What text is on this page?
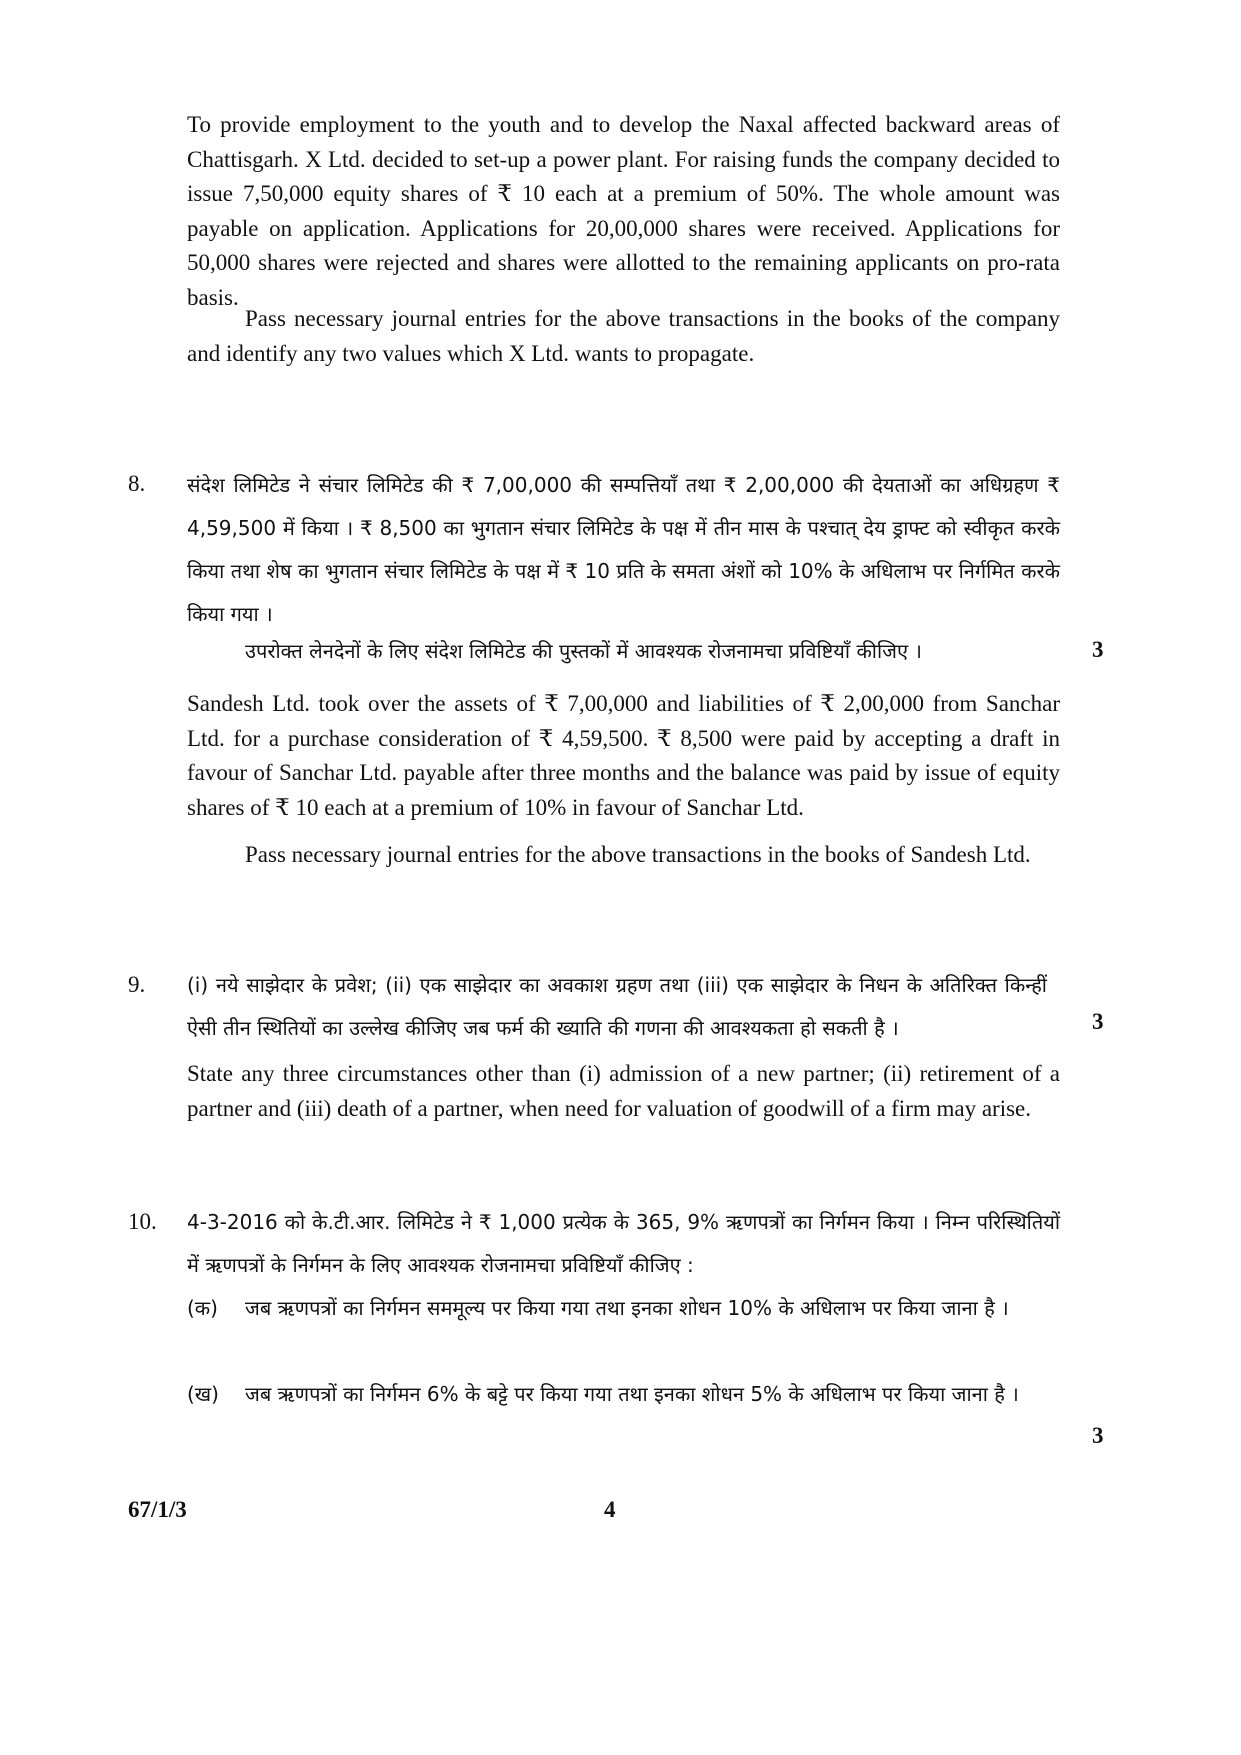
To provide employment to the youth and to develop the Naxal affected backward areas of Chattisgarh. X Ltd. decided to set-up a power plant. For raising funds the company decided to issue 7,50,000 equity shares of ₹ 10 each at a premium of 50%. The whole amount was payable on application. Applications for 20,00,000 shares were received. Applications for 50,000 shares were rejected and shares were allotted to the remaining applicants on pro-rata basis.

Pass necessary journal entries for the above transactions in the books of the company and identify any two values which X Ltd. wants to propagate.

8. संदेश लिमिटेड ने संचार लिमिटेड की ₹ 7,00,000 की सम्पत्तियाँ तथा ₹ 2,00,000 की देयताओं का अधिग्रहण ₹ 4,59,500 में किया । ₹ 8,500 का भुगतान संचार लिमिटेड के पक्ष में तीन मास के पश्चात् देय ड्राफ्ट को स्वीकृत करके किया तथा शेष का भुगतान संचार लिमिटेड के पक्ष में ₹ 10 प्रति के समता अंशों को 10% के अधिलाभ पर निर्गमित करके किया गया ।

उपरोक्त लेनदेनों के लिए संदेश लिमिटेड की पुस्तकों में आवश्यक रोजनामचा प्रविष्टियाँ कीजिए ।	3

Sandesh Ltd. took over the assets of ₹ 7,00,000 and liabilities of ₹ 2,00,000 from Sanchar Ltd. for a purchase consideration of ₹ 4,59,500. ₹ 8,500 were paid by accepting a draft in favour of Sanchar Ltd. payable after three months and the balance was paid by issue of equity shares of ₹ 10 each at a premium of 10% in favour of Sanchar Ltd.

Pass necessary journal entries for the above transactions in the books of Sandesh Ltd.

9. (i) नये साझेदार के प्रवेश; (ii) एक साझेदार का अवकाश ग्रहण तथा (iii) एक साझेदार के निधन के अतिरिक्त किन्हीं ऐसी तीन स्थितियों का उल्लेख कीजिए जब फर्म की ख्याति की गणना की आवश्यकता हो सकती है ।	3

State any three circumstances other than (i) admission of a new partner; (ii) retirement of a partner and (iii) death of a partner, when need for valuation of goodwill of a firm may arise.

10. 4-3-2016 को के.टी.आर. लिमिटेड ने ₹ 1,000 प्रत्येक के 365, 9% ऋणपत्रों का निर्गमन किया । निम्न परिस्थितियों में ऋणपत्रों के निर्गमन के लिए आवश्यक रोजनामचा प्रविष्टियाँ कीजिए :

(क) जब ऋणपत्रों का निर्गमन सममूल्य पर किया गया तथा इनका शोधन 10% के अधिलाभ पर किया जाना है ।

(ख) जब ऋणपत्रों का निर्गमन 6% के बट्टे पर किया गया तथा इनका शोधन 5% के अधिलाभ पर किया जाना है ।

3

67/1/3	4
